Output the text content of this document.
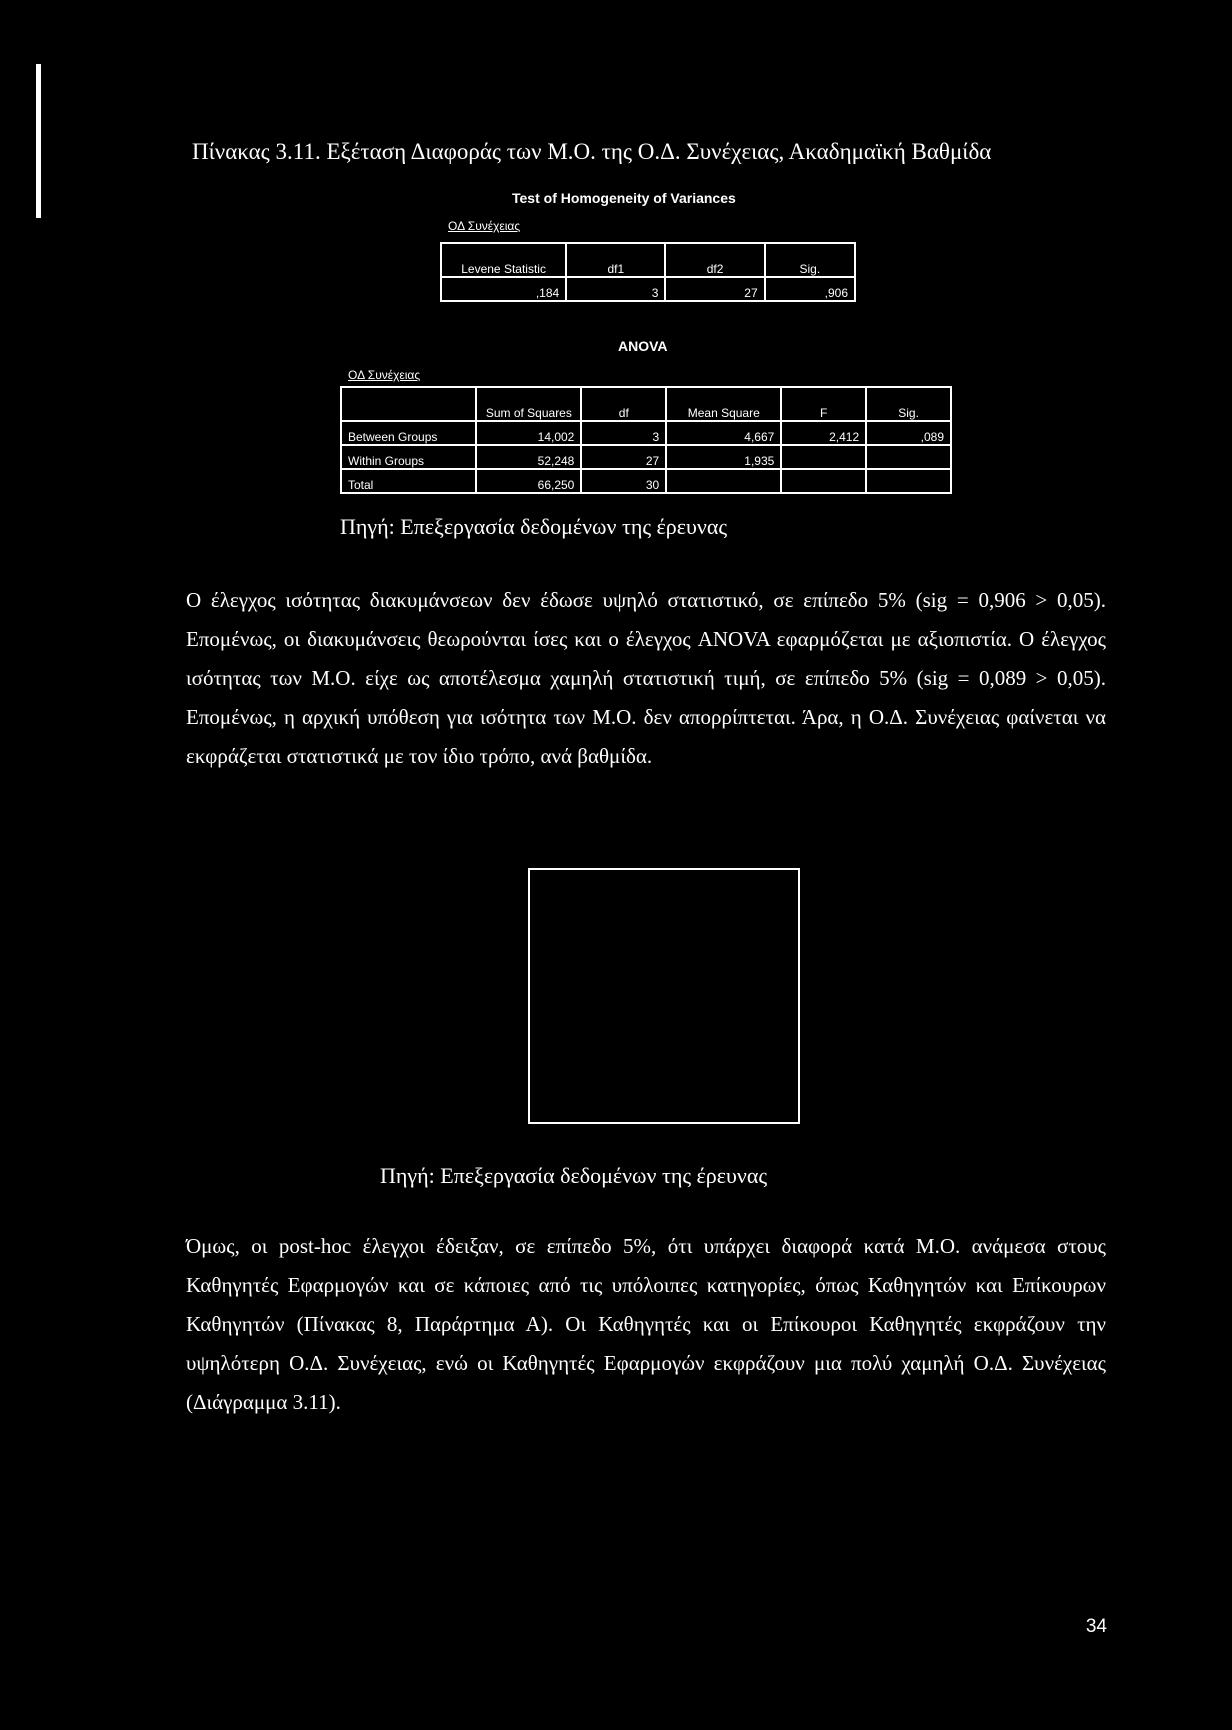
Πίνακας 3.11. Εξέταση Διαφοράς των Μ.Ο. της Ο.Δ. Συνέχειας, Ακαδημαϊκή Βαθμίδα
Test of Homogeneity of Variances
ΟΔ Συνέχειας
Levene Statistic	df1	df2	Sig.
,184	3	27	,906
ANOVA
ΟΔ Συνέχειας
	Sum of Squares	df	Mean Square	F	Sig.
Between Groups	14,002	3	4,667	2,412	,089
Within Groups	52,248	27	1,935		
Total	66,250	30			
Πηγή: Επεξεργασία δεδομένων της έρευνας
Ο έλεγχος ισότητας διακυμάνσεων δεν έδωσε υψηλό στατιστικό, σε επίπεδο 5% (sig = 0,906 > 0,05). Επομένως, οι διακυμάνσεις θεωρούνται ίσες και ο έλεγχος ANOVA εφαρμόζεται με αξιοπιστία. Ο έλεγχος ισότητας των Μ.Ο. είχε ως αποτέλεσμα χαμηλή στατιστική τιμή, σε επίπεδο 5% (sig = 0,089 > 0,05). Επομένως, η αρχική υπόθεση για ισότητα των Μ.Ο. δεν απορρίπτεται. Άρα, η Ο.Δ. Συνέχειας φαίνεται να εκφράζεται στατιστικά με τον ίδιο τρόπο, ανά βαθμίδα.
Πηγή: Επεξεργασία δεδομένων της έρευνας
Όμως, οι post-hoc έλεγχοι έδειξαν, σε επίπεδο 5%, ότι υπάρχει διαφορά κατά Μ.Ο. ανάμεσα στους Καθηγητές Εφαρμογών και σε κάποιες από τις υπόλοιπες κατηγορίες, όπως Καθηγητών και Επίκουρων Καθηγητών (Πίνακας 8, Παράρτημα Α). Οι Καθηγητές και οι Επίκουροι Καθηγητές εκφράζουν την υψηλότερη Ο.Δ. Συνέχειας, ενώ οι Καθηγητές Εφαρμογών εκφράζουν μια πολύ χαμηλή Ο.Δ. Συνέχειας (Διάγραμμα 3.11).
34
